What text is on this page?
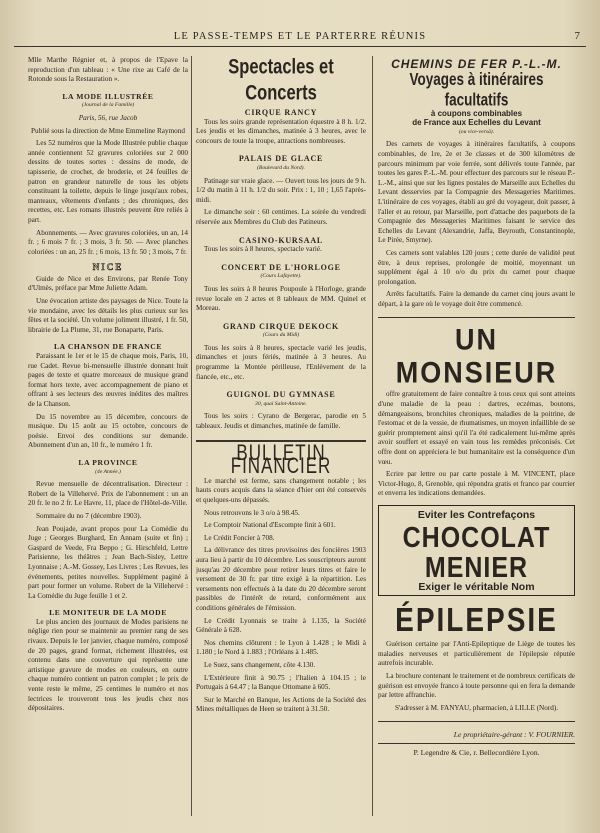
LE PASSE-TEMPS ET LE PARTERRE RÉUNIS	7

Mlle Marthe Régnier et, à propos de l'Epave la reproduction d'un tableau : « Une rixe au Café de la Rotonde sous la Restauration ».

LA MODE ILLUSTRÉE
(Journal de la Famille)

Paris, 56, rue Jacob

Publié sous la direction de Mme Emmeline Raymond

Les 52 numéros que la Mode Illustrée publie chaque année contiennent 52 gravures coloriées sur 2 000 dessins de toutes sortes : dessins de mode, de tapisserie, de crochet, de broderie, et 24 feuilles de patron en grandeur naturelle de tous les objets constituant la toilette, depuis le linge jusqu'aux robes, manteaux, vêtements d'enfants ; des chroniques, des recettes, etc. Les romans illustrés peuvent être reliés à part.

Abonnements. — Avec gravures coloriées, un an, 14 fr. ; 6 mois 7 fr. ; 3 mois, 3 fr. 50. — Avec planches coloriées : un an, 25 fr. ; 6 mois, 13 fr. 50 ; 3 mois, 7 fr.

NICE

Guide de Nice et des Environs, par Renée Tony d'Ulmès, préface par Mme Juliette Adam.

Une évocation artiste des paysages de Nice. Toute la vie mondaine, avec les détails les plus curieux sur les fêtes et la société. Un volume joliment illustré, 1 fr. 50, librairie de La Plume, 31, rue Bonaparte, Paris.

LA CHANSON DE FRANCE

Paraissant le 1er et le 15 de chaque mois, Paris, 10, rue Cadet. Revue bi-mensuelle illustrée donnant huit pages de texte et quatre morceaux de musique grand format hors texte, avec accompagnement de piano et offrant à ses lecteurs des œuvres inédites des maîtres de la Chanson.

Du 15 novembre au 15 décembre, concours de musique. Du 15 août au 15 octobre, concours de poésie. Envoi des conditions sur demande. Abonnement d'un an, 10 fr., le numéro 1 fr.

LA PROVINCE
(4e Année.)

Revue mensuelle de décentralisation. Directeur : Robert de la Villehervé. Prix de l'abonnement : un an 20 fr. le no 2 fr. Le Havre, 11, place de l'Hôtel-de-Ville.

Sommaire du no 7 (décembre 1903).

Jean Poujade, avant propos pour La Comédie du Juge ; Georges Burghard, En Annam (suite et fin) ; Gaspard de Veede, Fra Beppo ; G. Hirschfeld, Lettre Parisienne, les théâtres ; Jean Bach-Sisley, Lettre Lyonnaise ; A.-M. Gossey, Les Livres ; Les Revues, les événements, petites nouvelles. Supplément paginé à part pour former un volume. Robert de la Villehervé : La Comédie du Juge feuille 1 et 2.

LE MONITEUR DE LA MODE

Le plus ancien des journaux de Modes parisiens ne néglige rien pour se maintenir au premier rang de ses rivaux. Depuis le 1er janvier, chaque numéro, composé de 20 pages, grand format, richement illustrées, est contenu dans une couverture qui représente une artistique gravure de modes en couleurs, en outre chaque numéro contient un patron complet ; le prix de vente reste le même, 25 centimes le numéro et nos lectrices le trouveront tous les jeudis chez nos dépositaires.

Spectacles et Concerts
CIRQUE RANCY

Tous les soirs grande représentation équestre à 8 h. 1/2. Les jeudis et les dimanches, matinée à 3 heures, avec le concours de toute la troupe, attractions nombreuses.

PALAIS DE GLACE
(Boulevard du Nord).

Patinage sur vraie glace. — Ouvert tous les jours de 9 h. 1/2 du matin à 11 h. 1/2 du soir. Prix : 1, 10 ; 1,65 l'après-midi.

Le dimanche soir : 60 centimes. La soirée du vendredi réservée aux Membres du Club des Patineurs.

CASINO-KURSAAL

Tous les soirs à 8 heures, spectacle varié.

CONCERT DE L'HORLOGE
(Cours Lafayette).

Tous les soirs à 8 heures Poupoule à l'Horloge, grande revue locale en 2 actes et 8 tableaux de MM. Quinel et Moreau.

GRAND CIRQUE DEKOCK
(Cours du Midi)

Tous les soirs à 8 heures, spectacle varié les jeudis, dimanches et jours fériés, matinée à 3 heures. Au programme la Montée périlleuse, l'Enlèvement de la fiancée, etc., etc.

GUIGNOL DU GYMNASE
30, quai Saint-Antoine.

Tous les soirs : Cyrano de Bergerac, parodie en 5 tableaux. Jeudis et dimanches, matinée de famille.

BULLETIN FINANCIER

Le marché est ferme, sans changement notable ; les hauts cours acquis dans la séance d'hier ont été conservés et quelques-uns dépassés.

Nous retrouvons le 3 o/o à 98.45.

Le Comptoir National d'Escompte finit à 601.

Le Crédit Foncier à 708.

La délivrance des titres provisoires des foncières 1903 aura lieu à partir du 10 décembre. Les souscripteurs auront jusqu'au 20 décembre pour retirer leurs titres et faire le versement de 30 fr. par titre exigé à la répartition. Les versements non effectués à la date du 20 décembre seront passibles de l'intérêt de retard, conformément aux conditions générales de l'émission.

Le Crédit Lyonnais se traite à 1.135, la Société Générale à 628.

Nos chemins clôturent : le Lyon à 1.428 ; le Midi à 1.180 ; le Nord à 1.883 ; l'Orléans à 1.485.

Le Suez, sans changement, côte 4.130.

L'Extérieure finit à 90.75 ; l'Italien à 104.15 ; le Portugais à 64.47 ; la Banque Ottomane à 605.

Sur le Marché en Banque, les Actions de la Société des Mines métalliques de Heen se traitent à 31.50.

CHEMINS DE FER P.-L.-M.
Voyages à itinéraires facultatifs
à coupons combinables
de France aux Echelles du Levant
(ou vice-versâ).

Des carnets de voyages à itinéraires facultatifs, à coupons combinables, de 1re, 2e et 3e classes et de 300 kilomètres de parcours minimum par voie ferrée, sont délivrés toute l'année, par toutes les gares P.-L.-M. pour effectuer des parcours sur le réseau P.-L.-M., ainsi que sur les lignes postales de Marseille aux Echelles du Levant desservies par la Compagnie des Messageries Maritimes. L'itinéraire de ces voyages, établi au gré du voyageur, doit passer, à l'aller et au retour, par Marseille, port d'attache des paquebots de la Compagnie des Messageries Maritimes faisant le service des Echelles du Levant (Alexandrie, Jaffa, Beyrouth, Constantinople, Le Pirée, Smyrne).

Ces carnets sont valables 120 jours ; cette durée de validité peut être, à deux reprises, prolongée de moitié, moyennant un supplément égal à 10 o/o du prix du carnet pour chaque prolongation.

Arrêts facultatifs. Faire la demande du carnet cinq jours avant le départ, à la gare où le voyage doit être commencé.

UN MONSIEUR

offre gratuitement de faire connaître à tous ceux qui sont atteints d'une maladie de la peau : dartres, eczémas, boutons, démangeaisons, bronchites chroniques, maladies de la poitrine, de l'estomac et de la vessie, de rhumatismes, un moyen infaillible de se guérir promptement ainsi qu'il l'a été radicalement lui-même après avoir souffert et essayé en vain tous les remèdes préconisés. Cet offre dont on appréciera le but humanitaire est la conséquence d'un vœu.

Ecrire par lettre ou par carte postale à M. VINCENT, place Victor-Hugo, 8, Grenoble, qui répondra gratis et franco par courrier et enverra les indications demandées.

Eviter les Contrefaçons
CHOCOLAT
MENIER
Exiger le véritable Nom
ÉPILEPSIE

Guérison certaine par l'Anti-Epileptique de Liège de toutes les maladies nerveuses et particulièrement de l'épilepsie réputée autrefois incurable.

La brochure contenant le traitement et de nombreux certificats de guérison est envoyée franco à toute personne qui en fera la demande par lettre affranchie.

S'adresser à M. FANYAU, pharmacien, à LILLE (Nord).

Le propriétaire-gérant : V. FOURNIER.
P. Legendre & Cie, r. Bellecordière Lyon.
